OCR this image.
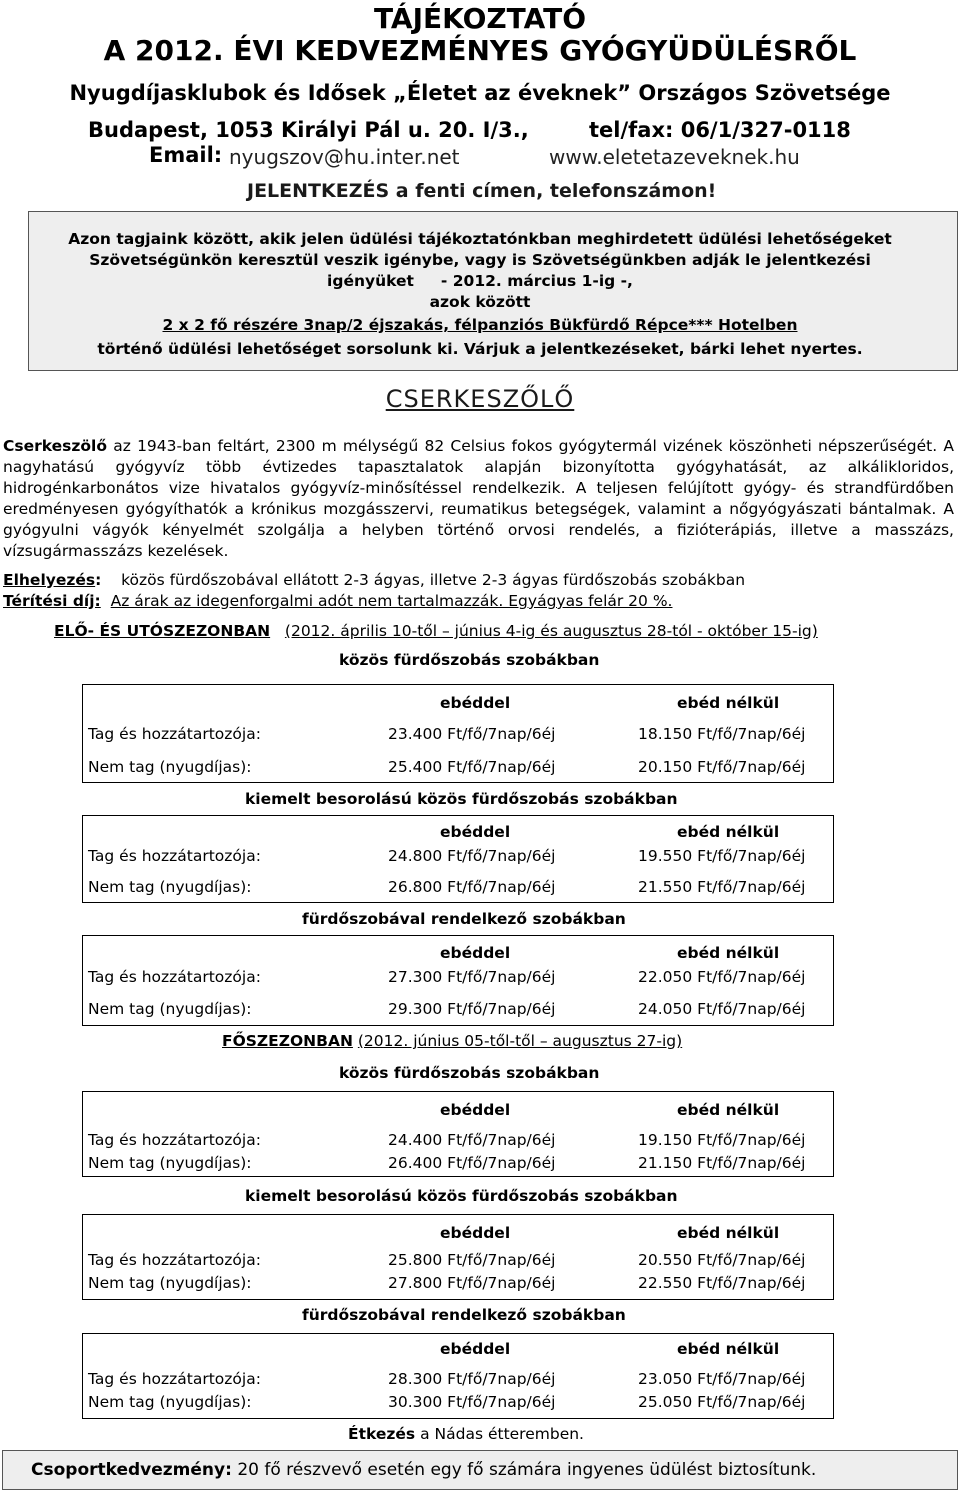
TÁJÉKOZTATÓ
A 2012. ÉVI KEDVEZMÉNYES GYÓGYÜDÜLÉSRŐL
Nyugdíjasklubok és Idősek „Életet az éveknek” Országos Szövetsége
Budapest, 1053 Királyi Pál u. 20. I/3.,	tel/fax: 06/1/327-0118
Email: nyugszov@hu.inter.net	www.eletetazeveknek.hu
JELENTKEZÉS a fenti címen, telefonszámon!
Azon tagjaink között, akik jelen üdülési tájékoztatónkban meghirdetett üdülési lehetőségeket
Szövetségünkön keresztül veszik igénybe, vagy is Szövetségünkben adják le jelentkezési
igényüket     - 2012. március 1-ig -,
azok között
2 x 2 fő részére 3nap/2 éjszakás, félpanziós Bükfürdő Répce*** Hotelben
történő üdülési lehetőséget sorsolunk ki. Várjuk a jelentkezéseket, bárki lehet nyertes.
CSERKESZŐLŐ
Cserkeszölő az 1943-ban feltárt, 2300 m mélységű 82 Celsius fokos gyógytermál vizének köszönheti népszerűségét. A nagyhatású gyógyvíz több évtizedes tapasztalatok alapján bizonyította gyógyhatását, az alkálikloridos, hidrogénkarbonátos vize hivatalos gyógyvíz-minősítéssel rendelkezik. A teljesen felújított gyógy- és strandfürdőben eredményesen gyógyíthatók a krónikus mozgásszervi, reumatikus betegségek, valamint a nőgyógyászati bántalmak. A gyógyulni vágyók kényelmét szolgálja a helyben történő orvosi rendelés, a fizióterápiás, illetve a masszázs, vízsugármasszázs kezelések.
Elhelyezés: közös fürdőszobával ellátott 2-3 ágyas, illetve 2-3 ágyas fürdőszobás szobákban
Térítési díj: Az árak az idegenforgalmi adót nem tartalmazzák. Egyágyas felár 20 %.
ELŐ- ÉS UTÓSZEZONBAN (2012. április 10-től – június 4-ig és augusztus 28-tól - október 15-ig)
közös fürdőszobás szobákban
ebéddel	ebéd nélkül
Tag és hozzátartozója:	23.400 Ft/fő/7nap/6éj	18.150 Ft/fő/7nap/6éj
Nem tag (nyugdíjas):	25.400 Ft/fő/7nap/6éj	20.150 Ft/fő/7nap/6éj
kiemelt besorolású közös fürdőszobás szobákban
ebéddel	ebéd nélkül
Tag és hozzátartozója:	24.800 Ft/fő/7nap/6éj	19.550 Ft/fő/7nap/6éj
Nem tag (nyugdíjas):	26.800 Ft/fő/7nap/6éj	21.550 Ft/fő/7nap/6éj
fürdőszobával rendelkező szobákban
ebéddel	ebéd nélkül
Tag és hozzátartozója:	27.300 Ft/fő/7nap/6éj	22.050 Ft/fő/7nap/6éj
Nem tag (nyugdíjas):	29.300 Ft/fő/7nap/6éj	24.050 Ft/fő/7nap/6éj
FŐSZEZONBAN (2012. június 05-től-től – augusztus 27-ig)
közös fürdőszobás szobákban
ebéddel	ebéd nélkül
Tag és hozzátartozója:	24.400 Ft/fő/7nap/6éj	19.150 Ft/fő/7nap/6éj
Nem tag (nyugdíjas):	26.400 Ft/fő/7nap/6éj	21.150 Ft/fő/7nap/6éj
kiemelt besorolású közös fürdőszobás szobákban
ebéddel	ebéd nélkül
Tag és hozzátartozója:	25.800 Ft/fő/7nap/6éj	20.550 Ft/fő/7nap/6éj
Nem tag (nyugdíjas):	27.800 Ft/fő/7nap/6éj	22.550 Ft/fő/7nap/6éj
fürdőszobával rendelkező szobákban
ebéddel	ebéd nélkül
Tag és hozzátartozója:	28.300 Ft/fő/7nap/6éj	23.050 Ft/fő/7nap/6éj
Nem tag (nyugdíjas):	30.300 Ft/fő/7nap/6éj	25.050 Ft/fő/7nap/6éj
Étkezés a Nádas étteremben.
Csoportkedvezmény: 20 fő részvevő esetén egy fő számára ingyenes üdülést biztosítunk.
